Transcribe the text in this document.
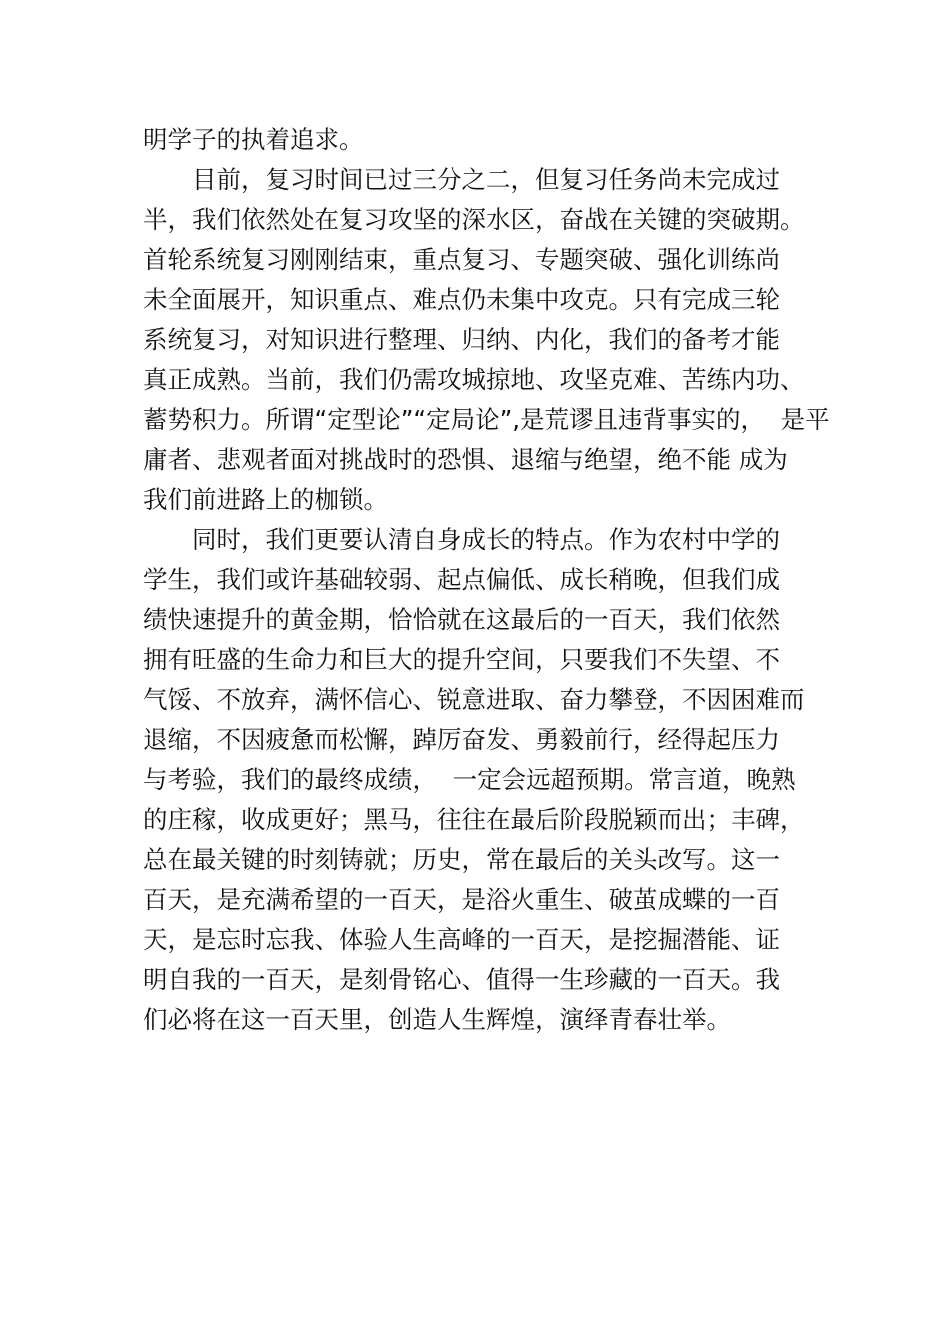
明学子的执着追求。
目前，复习时间已过三分之二，但复习任务尚未完成过
半，我们依然处在复习攻坚的深水区，奋战在关键的突破期。
首轮系统复习刚刚结束，重点复习、专题突破、强化训练尚
未全面展开，知识重点、难点仍未集中攻克。只有完成三轮
系统复习，对知识进行整理、归纳、内化，我们的备考才能
真正成熟。当前，我们仍需攻城掠地、攻坚克难、苦练内功、
蓄势积力。所谓“定型论”“定局论”,是荒谬且违背事实的，  是平
庸者、悲观者面对挑战时的恐惧、退缩与绝望，绝不能 成为
我们前进路上的枷锁。
同时，我们更要认清自身成长的特点。作为农村中学的
学生，我们或许基础较弱、起点偏低、成长稍晚，但我们成
绩快速提升的黄金期，恰恰就在这最后的一百天，我们依然
拥有旺盛的生命力和巨大的提升空间，只要我们不失望、不
气馁、不放弃，满怀信心、锐意进取、奋力攀登，不因困难而
退缩，不因疲惫而松懈，踔厉奋发、勇毅前行，经得起压力
与考验，我们的最终成绩，  一定会远超预期。常言道，晚熟
的庄稼，收成更好；黑马，往往在最后阶段脱颖而出；丰碑，
总在最关键的时刻铸就；历史，常在最后的关头改写。这一
百天，是充满希望的一百天，是浴火重生、破茧成蝶的一百
天，是忘时忘我、体验人生高峰的一百天，是挖掘潜能、证
明自我的一百天，是刻骨铭心、值得一生珍藏的一百天。我
们必将在这一百天里，创造人生辉煌，演绎青春壮举。
